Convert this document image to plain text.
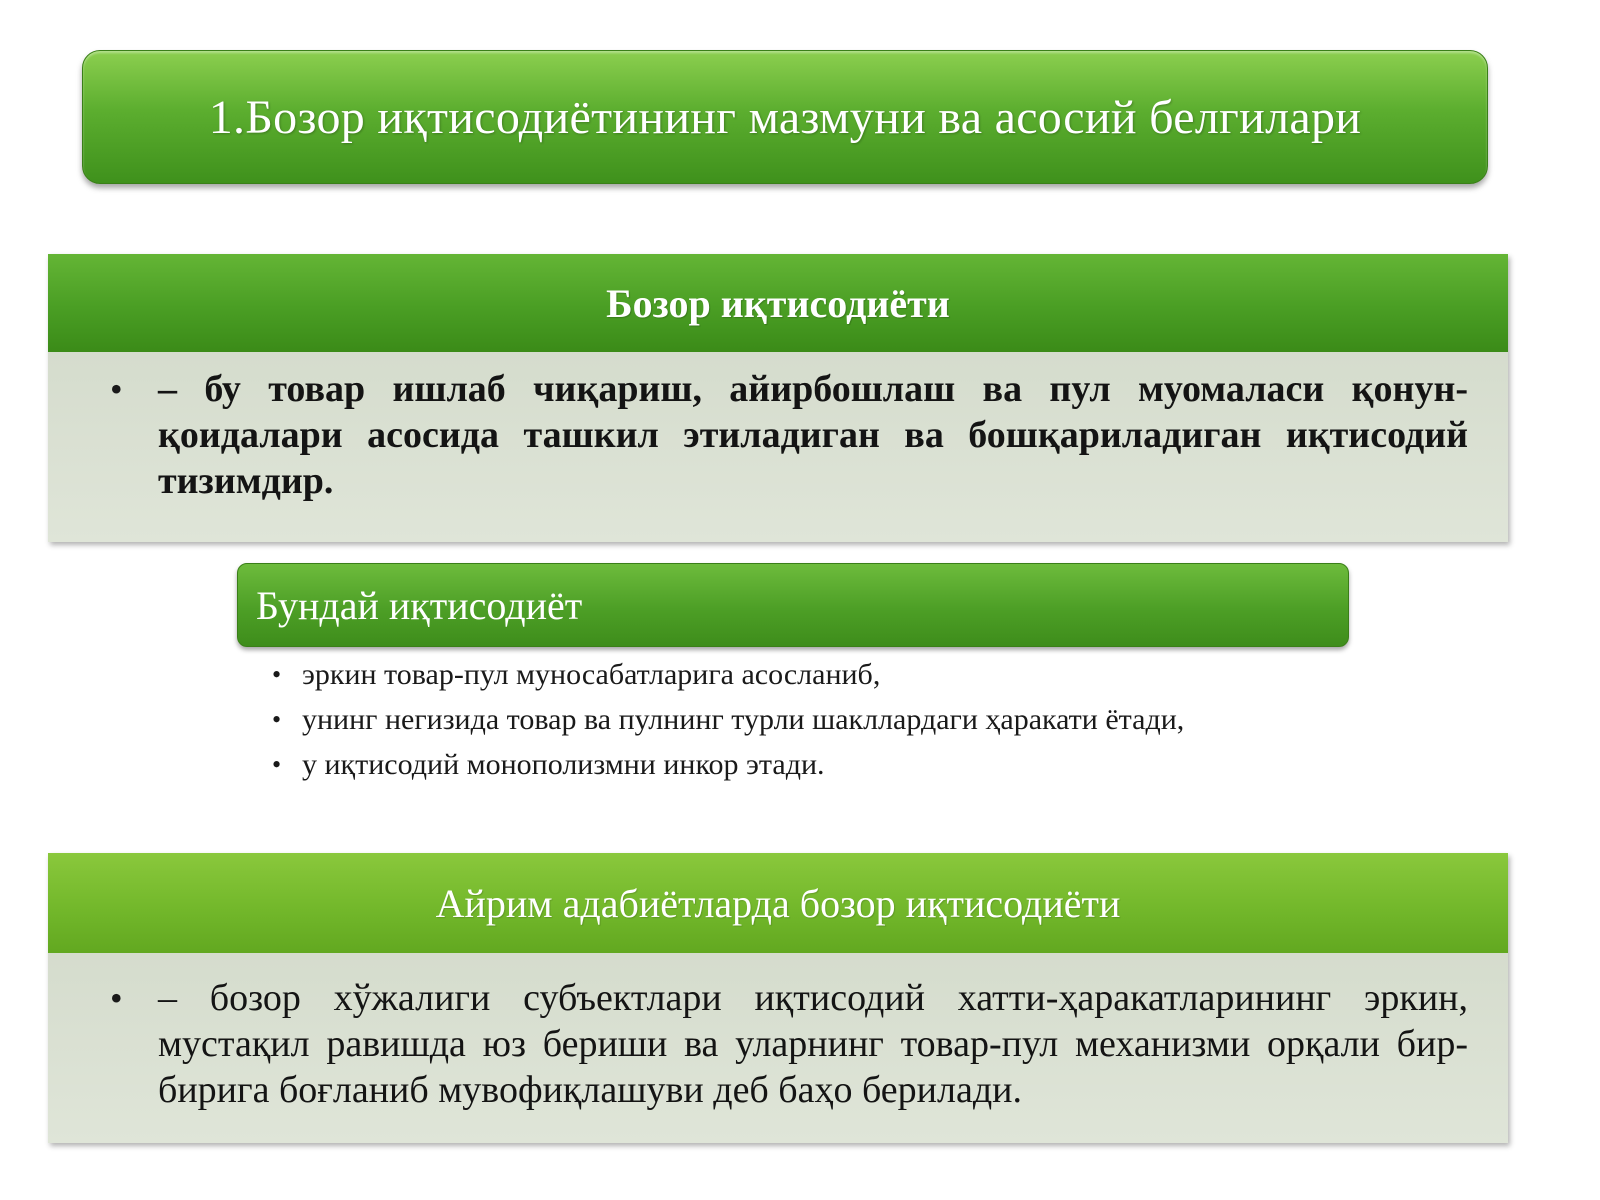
1.Бозор иқтисодиётининг мазмуни ва асосий белгилари
Бозор иқтисодиёти
• – бу товар ишлаб чиқариш, айирбошлаш ва пул муомаласи қонун-қоидалари асосида ташкил этиладиган ва бошқариладиган иқтисодий тизимдир.
Бундай иқтисодиёт
• эркин товар-пул муносабатларига асосланиб,
• унинг негизида товар ва пулнинг турли шакллардаги ҳаракати ётади,
• у иқтисодий монополизмни инкор этади.
Айрим адабиётларда бозор иқтисодиёти
• – бозор хўжалиги субъектлари иқтисодий хатти-ҳаракатларининг эркин, мустақил равишда юз бериши ва уларнинг товар-пул механизми орқали бир-бирига боғланиб мувофиқлашуви деб баҳо берилади.
